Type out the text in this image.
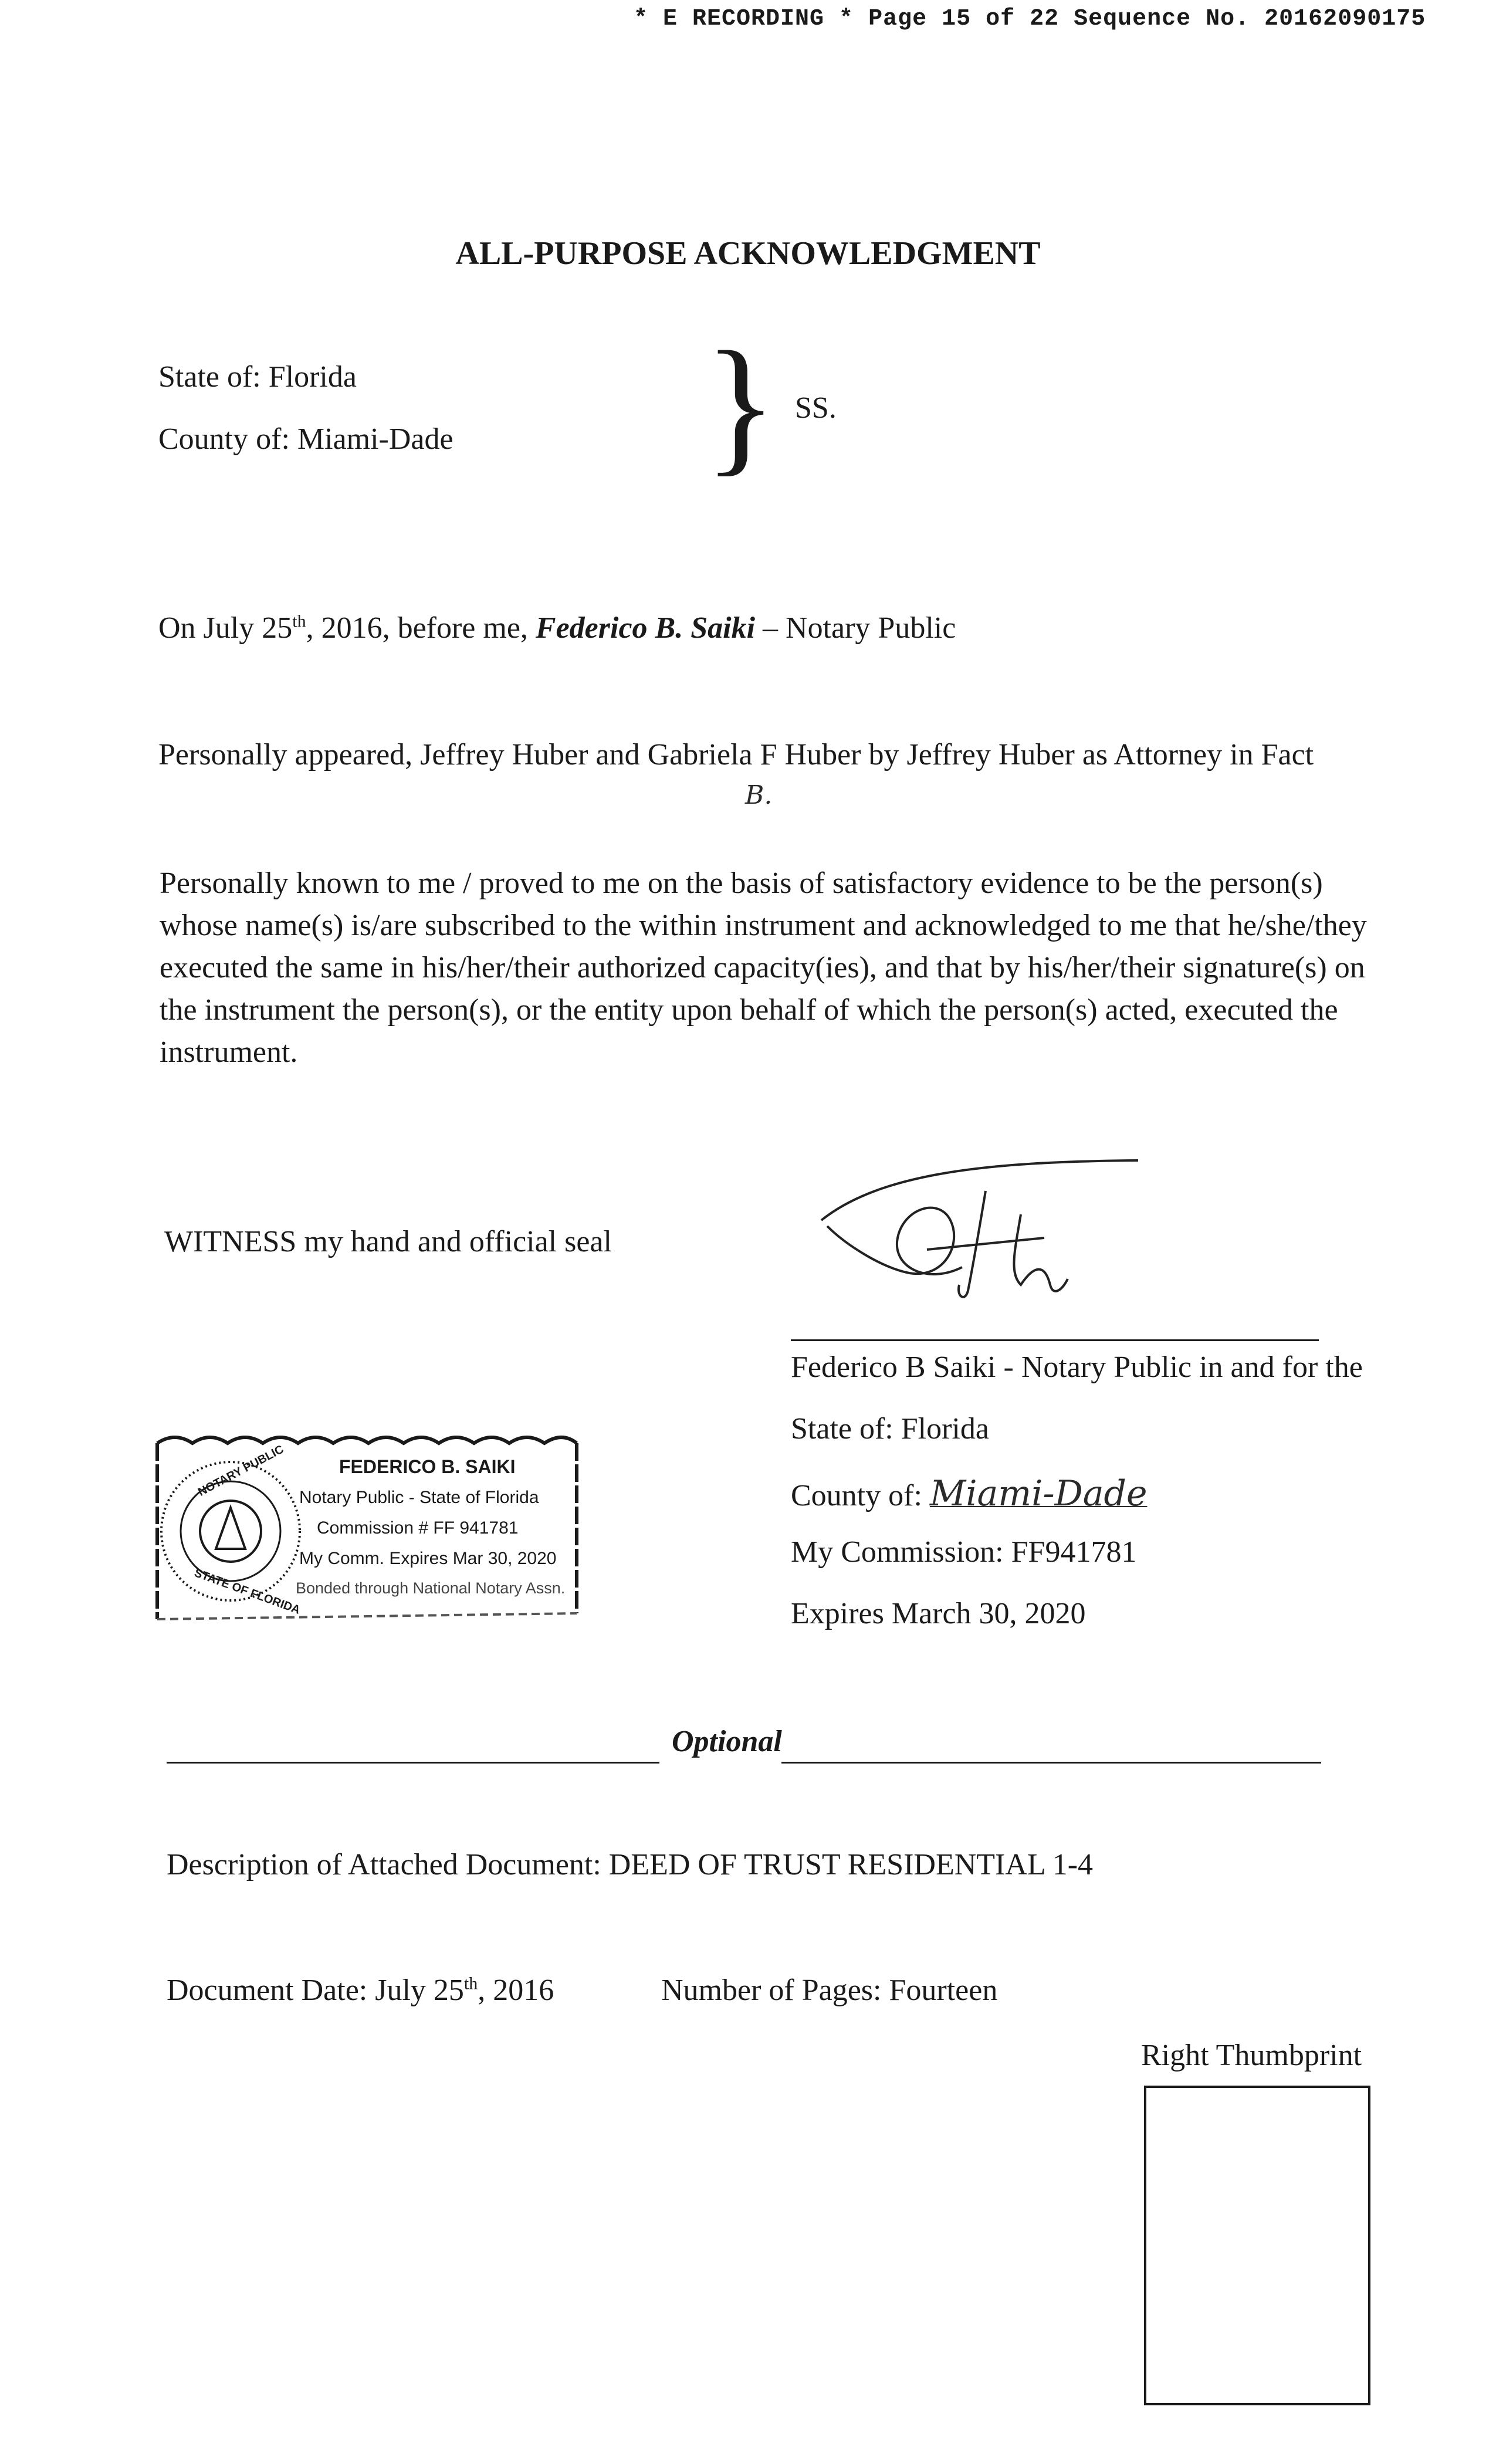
* E RECORDING * Page 15 of 22 Sequence No. 20162090175
ALL-PURPOSE ACKNOWLEDGMENT
State of: Florida
County of: Miami-Dade } SS.
On July 25th, 2016, before me, Federico B. Saiki – Notary Public
Personally appeared, Jeffrey Huber and Gabriela F Huber by Jeffrey Huber as Attorney in Fact
B.
Personally known to me / proved to me on the basis of satisfactory evidence to be the person(s)
whose name(s) is/are subscribed to the within instrument and acknowledged to me that he/she/they
executed the same in his/her/their authorized capacity(ies), and that by his/her/their signature(s) on
the instrument the person(s), or the entity upon behalf of which the person(s) acted, executed the
instrument.
WITNESS my hand and official seal
Federico B Saiki - Notary Public in and for the
State of: Florida
County of: Miami-Dade
My Commission: FF941781
Expires March 30, 2020
NOTARY PUBLIC
STATE OF FLORIDA
FEDERICO B. SAIKI
Notary Public - State of Florida
Commission # FF 941781
My Comm. Expires Mar 30, 2020
Bonded through National Notary Assn.
Optional
Description of Attached Document: DEED OF TRUST RESIDENTIAL 1-4
Document Date: July 25th, 2016	Number of Pages: Fourteen
Right Thumbprint
